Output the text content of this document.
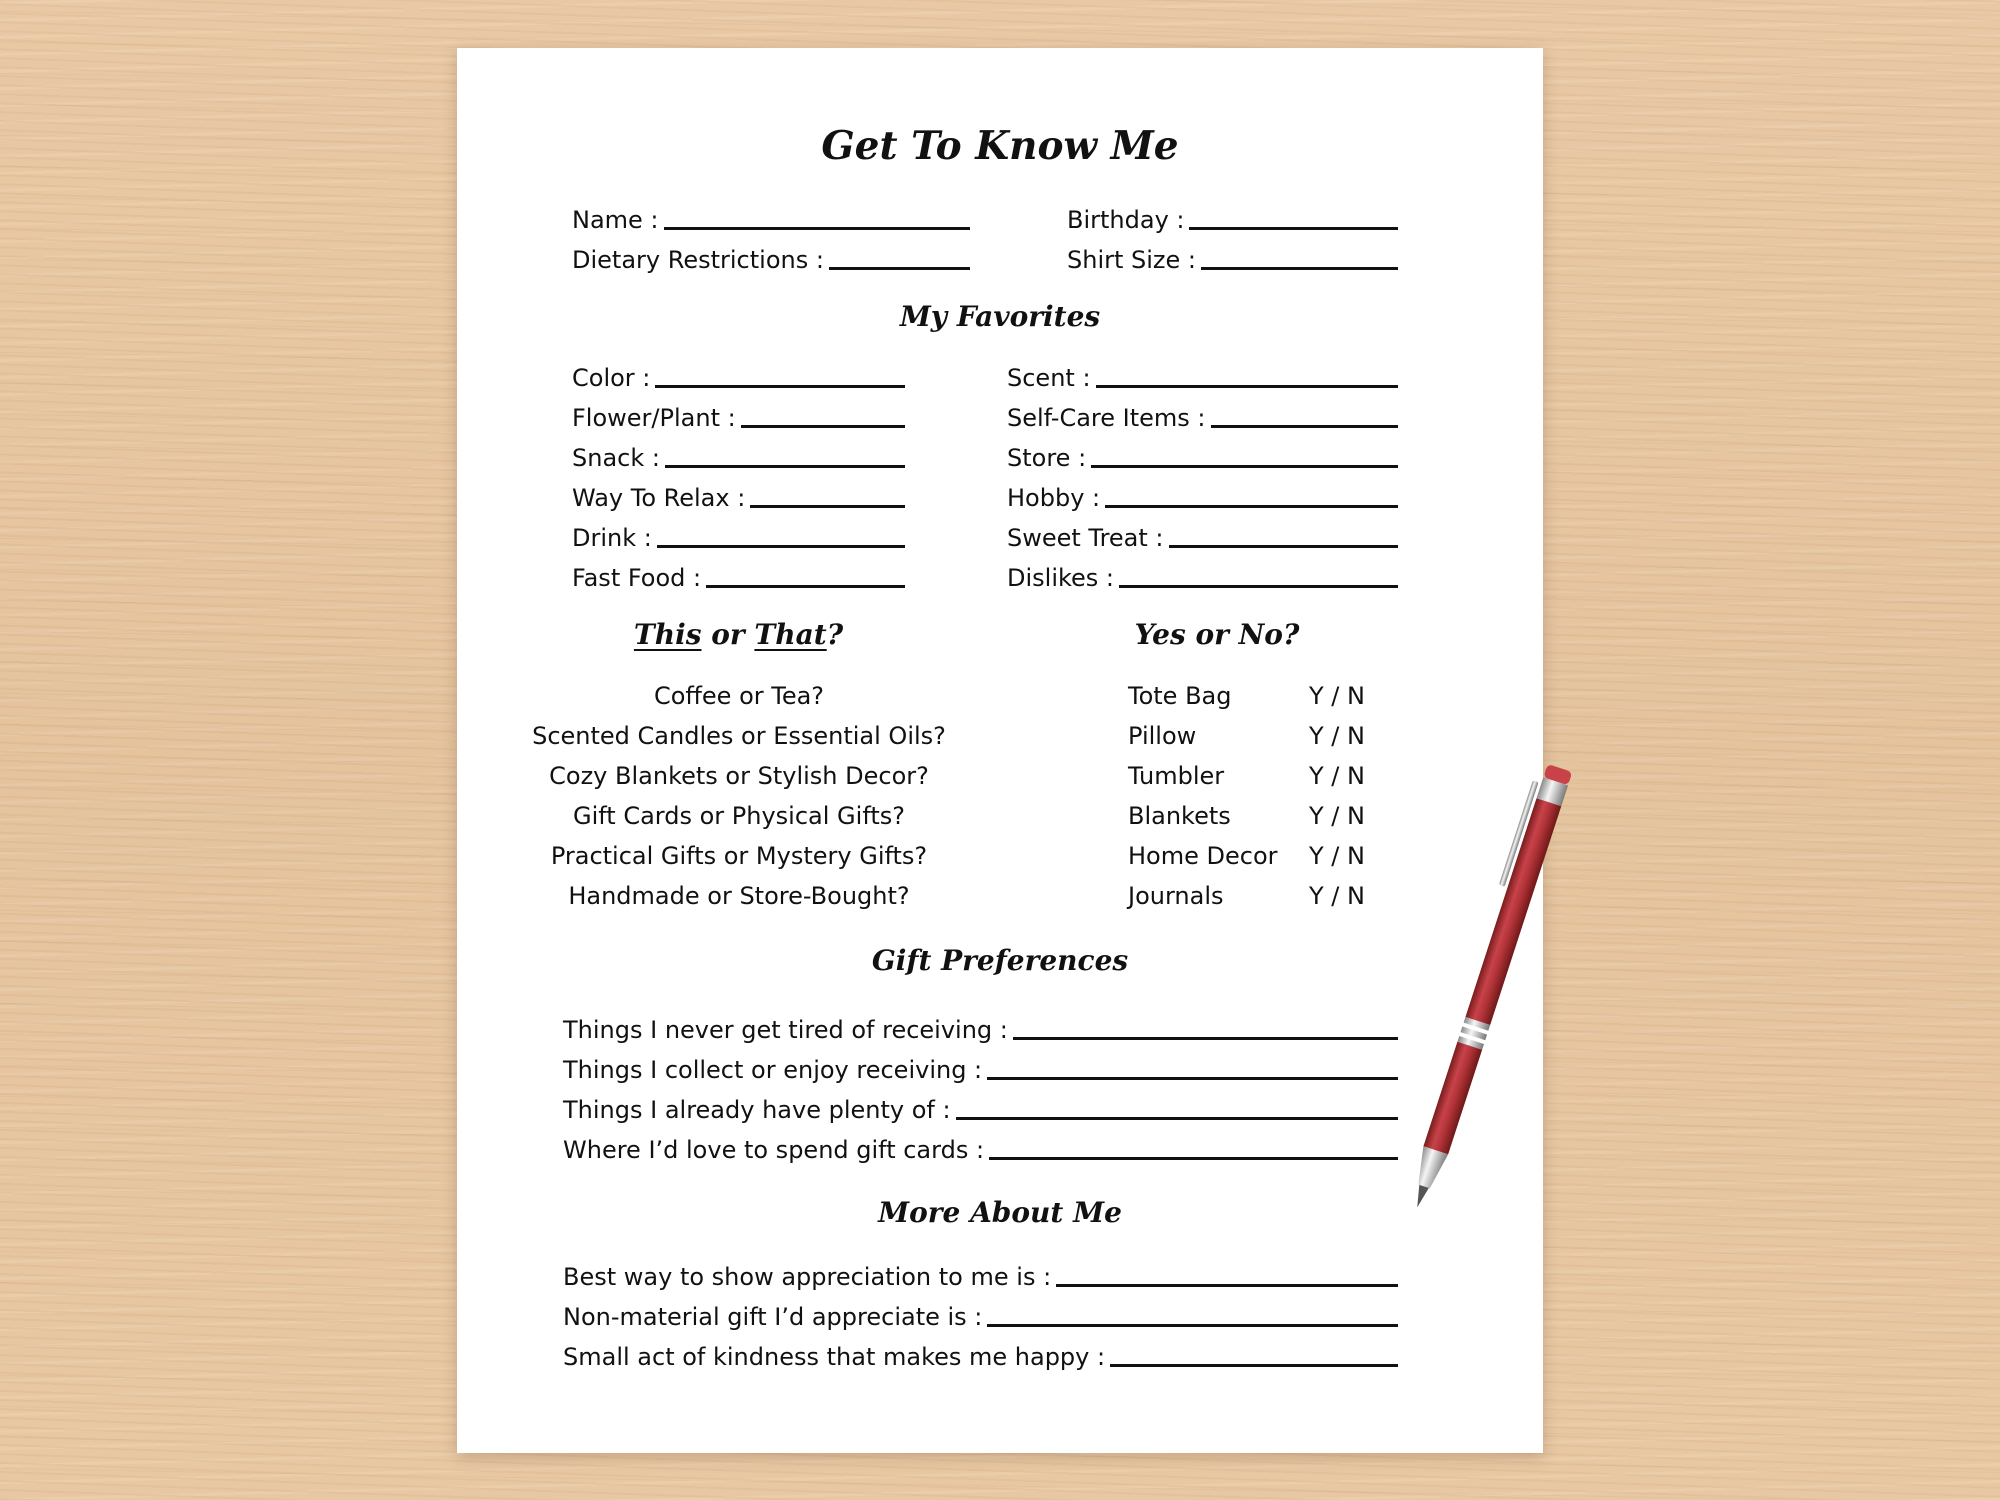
Get To Know Me
Name :	Birthday :
Dietary Restrictions :	Shirt Size :
My Favorites
Color :
Flower/Plant :
Snack :
Way To Relax :
Drink :
Fast Food :
Scent :
Self-Care Items :
Store :
Hobby :
Sweet Treat :
Dislikes :
This or That?
Coffee or Tea?
Scented Candles or Essential Oils?
Cozy Blankets or Stylish Decor?
Gift Cards or Physical Gifts?
Practical Gifts or Mystery Gifts?
Handmade or Store-Bought?
Yes or No?
Tote Bag
Pillow
Tumbler
Blankets
Home Decor
Journals
Y / N
Y / N
Y / N
Y / N
Y / N
Y / N
Gift Preferences
Things I never get tired of receiving :
Things I collect or enjoy receiving :
Things I already have plenty of :
Where I’d love to spend gift cards :
More About Me
Best way to show appreciation to me is :
Non-material gift I’d appreciate is :
Small act of kindness that makes me happy :
